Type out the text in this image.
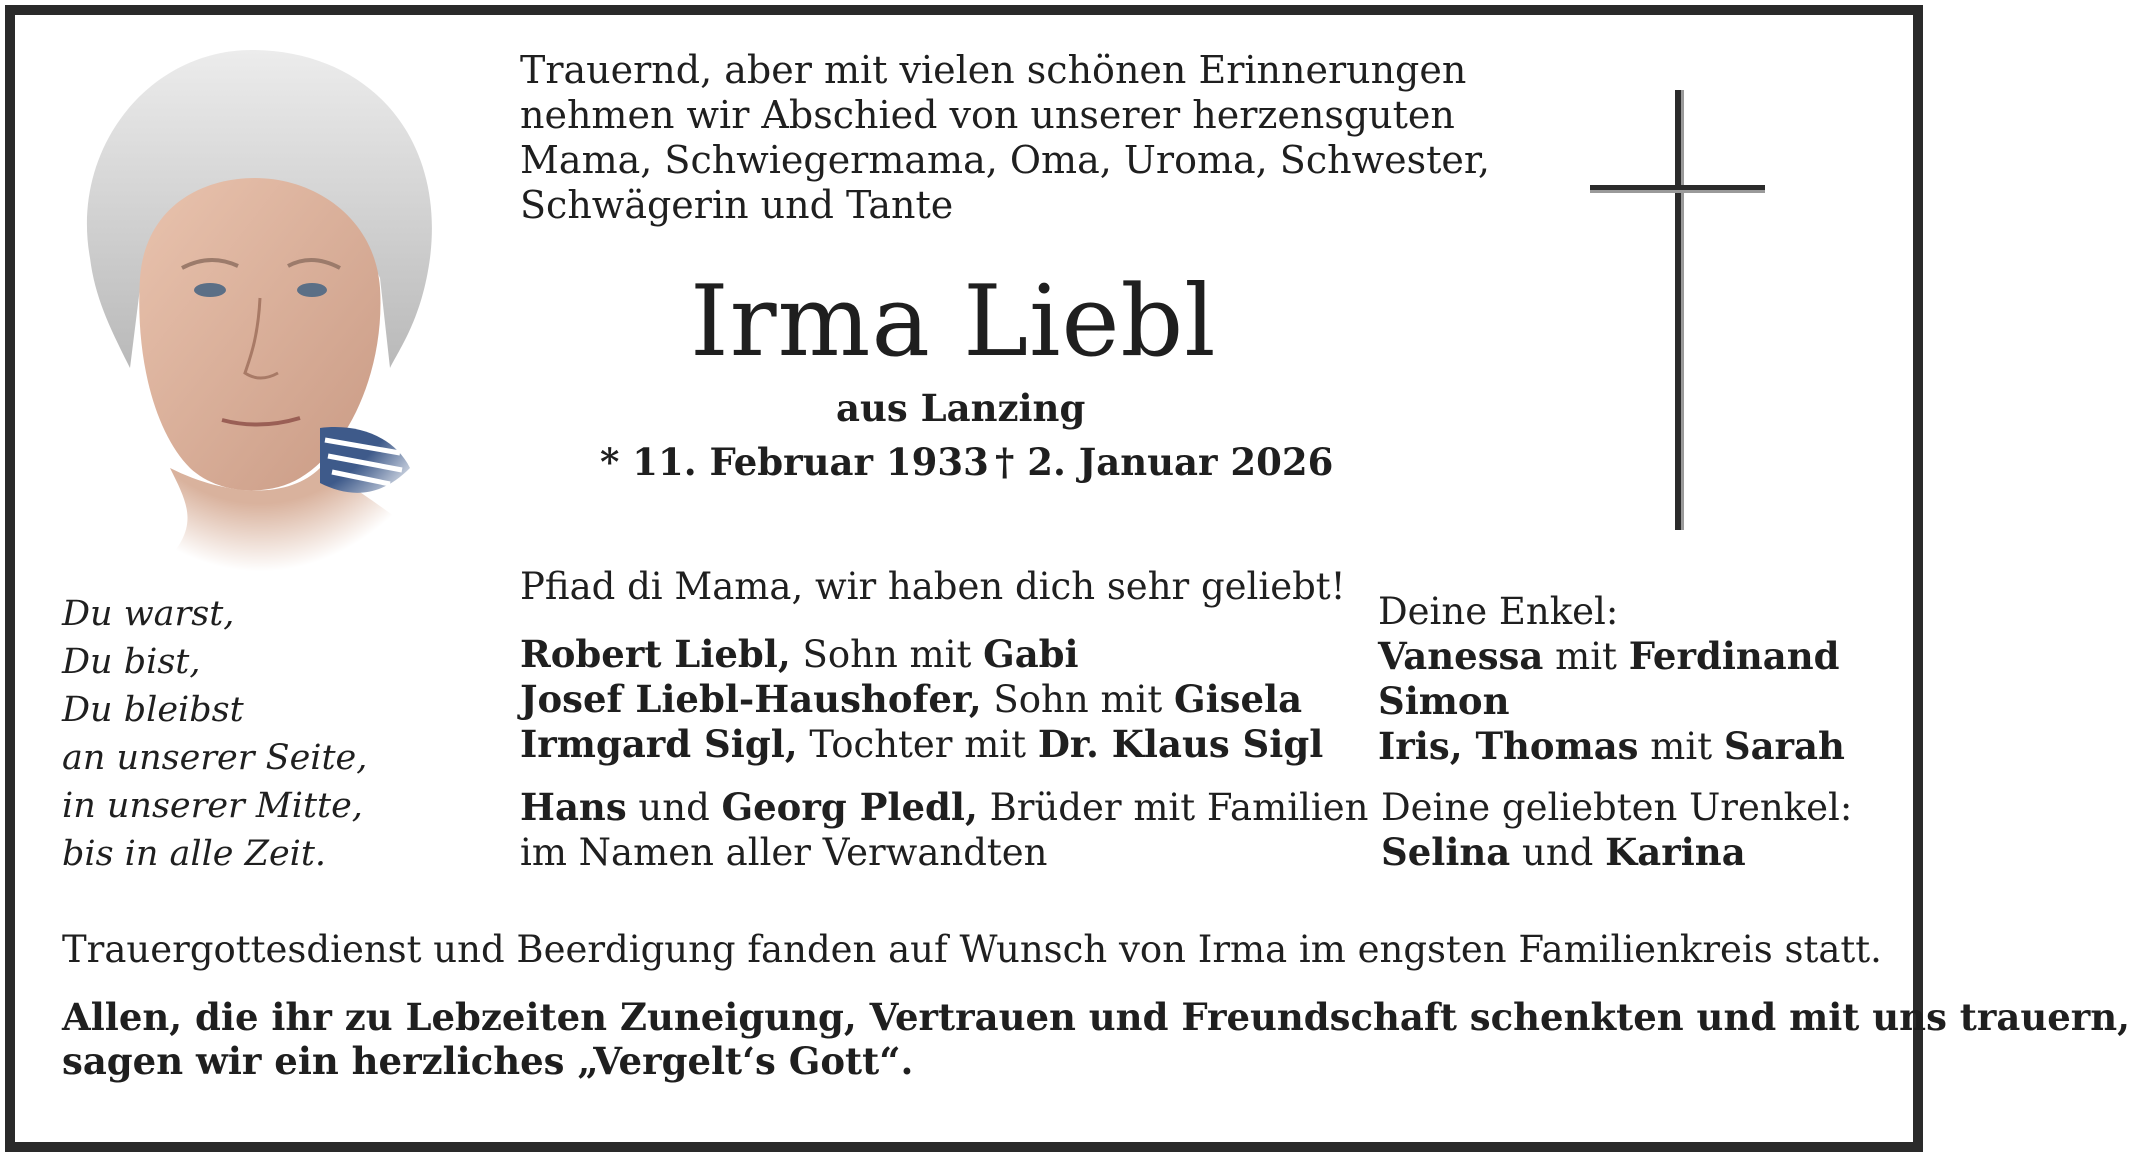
Trauernd, aber mit vielen schönen Erinnerungen
nehmen wir Abschied von unserer herzensguten
Mama, Schwiegermama, Oma, Uroma, Schwester,
Schwägerin und Tante
Irma Liebl
aus Lanzing
* 11. Februar 1933 † 2. Januar 2026
Du warst,
Du bist,
Du bleibst
an unserer Seite,
in unserer Mitte,
bis in alle Zeit.
Pfiad di Mama, wir haben dich sehr geliebt!
Robert Liebl, Sohn mit Gabi
Josef Liebl-Haushofer, Sohn mit Gisela
Irmgard Sigl, Tochter mit Dr. Klaus Sigl
Hans und Georg Pledl, Brüder mit Familien
im Namen aller Verwandten
Deine Enkel:
Vanessa mit Ferdinand
Simon
Iris, Thomas mit Sarah
Deine geliebten Urenkel:
Selina und Karina
Trauergottesdienst und Beerdigung fanden auf Wunsch von Irma im engsten Familienkreis statt.
Allen, die ihr zu Lebzeiten Zuneigung, Vertrauen und Freundschaft schenkten und mit uns trauern,
sagen wir ein herzliches „Vergelt‘s Gott“.
